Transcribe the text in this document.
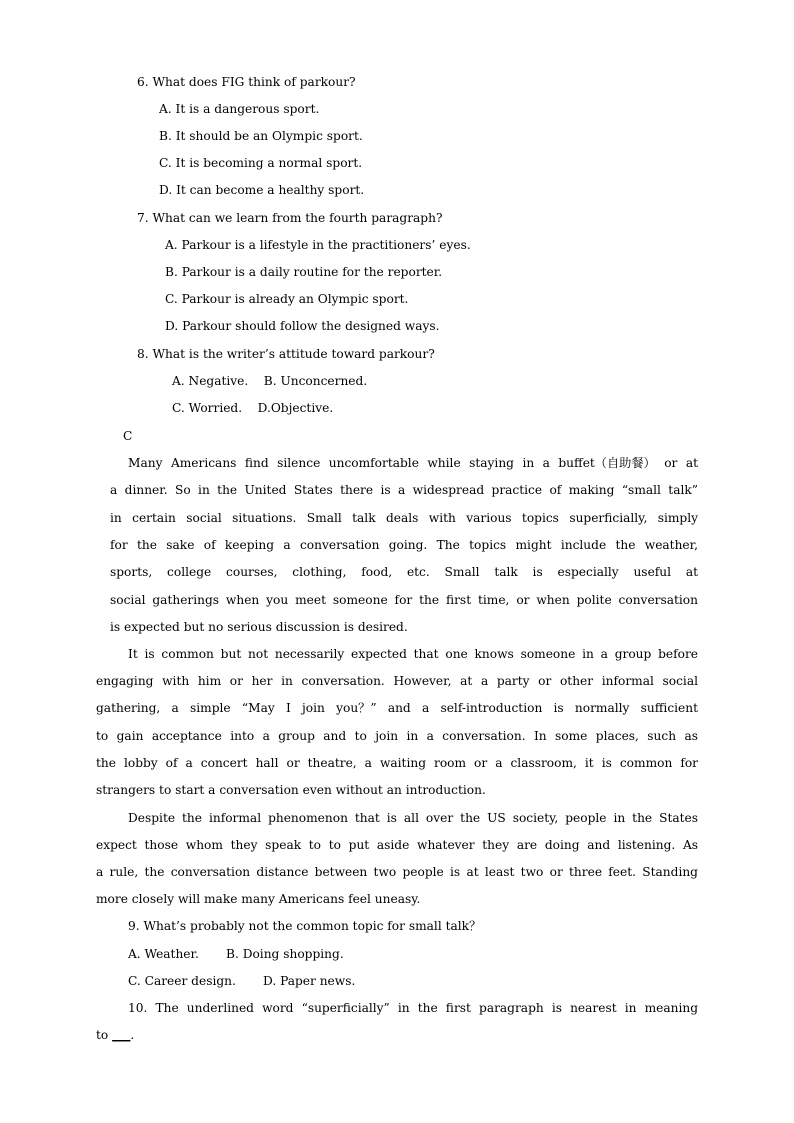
6. What does FIG think of parkour?
A. It is a dangerous sport.
B. It should be an Olympic sport.
C. It is becoming a normal sport.
D. It can become a healthy sport.
7. What can we learn from the fourth paragraph?
A. Parkour is a lifestyle in the practitioners’ eyes.
B. Parkour is a daily routine for the reporter.
C. Parkour is already an Olympic sport.
D. Parkour should follow the designed ways.
8. What is the writer’s attitude toward parkour?
A. Negative.    B. Unconcerned.
C. Worried.    D.Objective.
C
Many Americans find silence uncomfortable while staying in a buffet（自助餐） or at
a dinner. So in the United States there is a widespread practice of making “small talk”
in certain social situations. Small talk deals with various topics superficially, simply
for the sake of keeping a conversation going. The topics might include the weather,
sports, college courses, clothing, food, etc. Small talk is especially useful at
social gatherings when you meet someone for the first time, or when polite conversation
is expected but no serious discussion is desired.
It is common but not necessarily expected that one knows someone in a group before
engaging with him or her in conversation. However, at a party or other informal social
gathering, a simple “May I join you？” and a self-introduction is normally sufficient
to gain acceptance into a group and to join in a conversation. In some places, such as
the lobby of a concert hall or theatre, a waiting room or a classroom, it is common for
strangers to start a conversation even without an introduction.
Despite the informal phenomenon that is all over the US society, people in the States
expect those whom they speak to to put aside whatever they are doing and listening. As
a rule, the conversation distance between two people is at least two or three feet. Standing
more closely will make many Americans feel uneasy.
9. What’s probably not the common topic for small talk？
A. Weather.       B. Doing shopping.
C. Career design.       D. Paper news.
10. The underlined word “superficially” in the first paragraph is nearest in meaning
to ___.
